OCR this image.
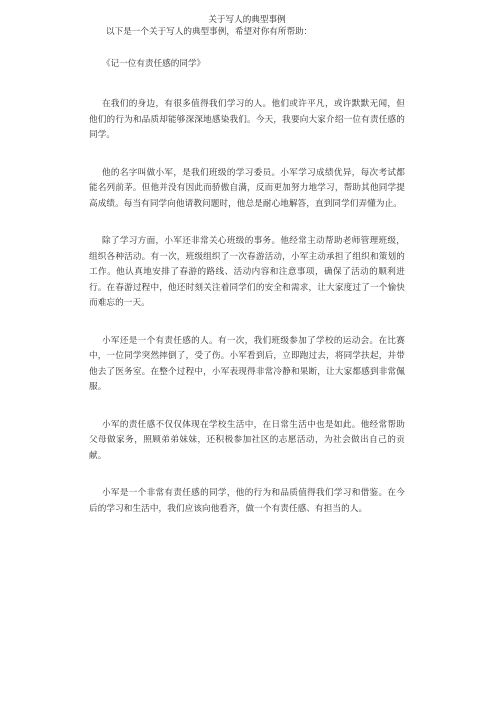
关于写人的典型事例

以下是一个关于写人的典型事例，希望对你有所帮助：

《记一位有责任感的同学》

在我们的身边，有很多值得我们学习的人。他们或许平凡，或许默默无闻，但他们的行为和品质却能够深深地感染我们。今天，我要向大家介绍一位有责任感的同学。

他的名字叫做小军，是我们班级的学习委员。小军学习成绩优异，每次考试都能名列前茅。但他并没有因此而骄傲自满，反而更加努力地学习，帮助其他同学提高成绩。每当有同学向他请教问题时，他总是耐心地解答，直到同学们弄懂为止。

除了学习方面，小军还非常关心班级的事务。他经常主动帮助老师管理班级，组织各种活动。有一次，班级组织了一次春游活动，小军主动承担了组织和策划的工作。他认真地安排了春游的路线、活动内容和注意事项，确保了活动的顺利进行。在春游过程中，他还时刻关注着同学们的安全和需求，让大家度过了一个愉快而难忘的一天。

小军还是一个有责任感的人。有一次，我们班级参加了学校的运动会。在比赛中，一位同学突然摔倒了，受了伤。小军看到后，立即跑过去，将同学扶起，并带他去了医务室。在整个过程中，小军表现得非常冷静和果断，让大家都感到非常佩服。

小军的责任感不仅仅体现在学校生活中，在日常生活中也是如此。他经常帮助父母做家务，照顾弟弟妹妹，还积极参加社区的志愿活动，为社会做出自己的贡献。

小军是一个非常有责任感的同学，他的行为和品质值得我们学习和借鉴。在今后的学习和生活中，我们应该向他看齐，做一个有责任感、有担当的人。
